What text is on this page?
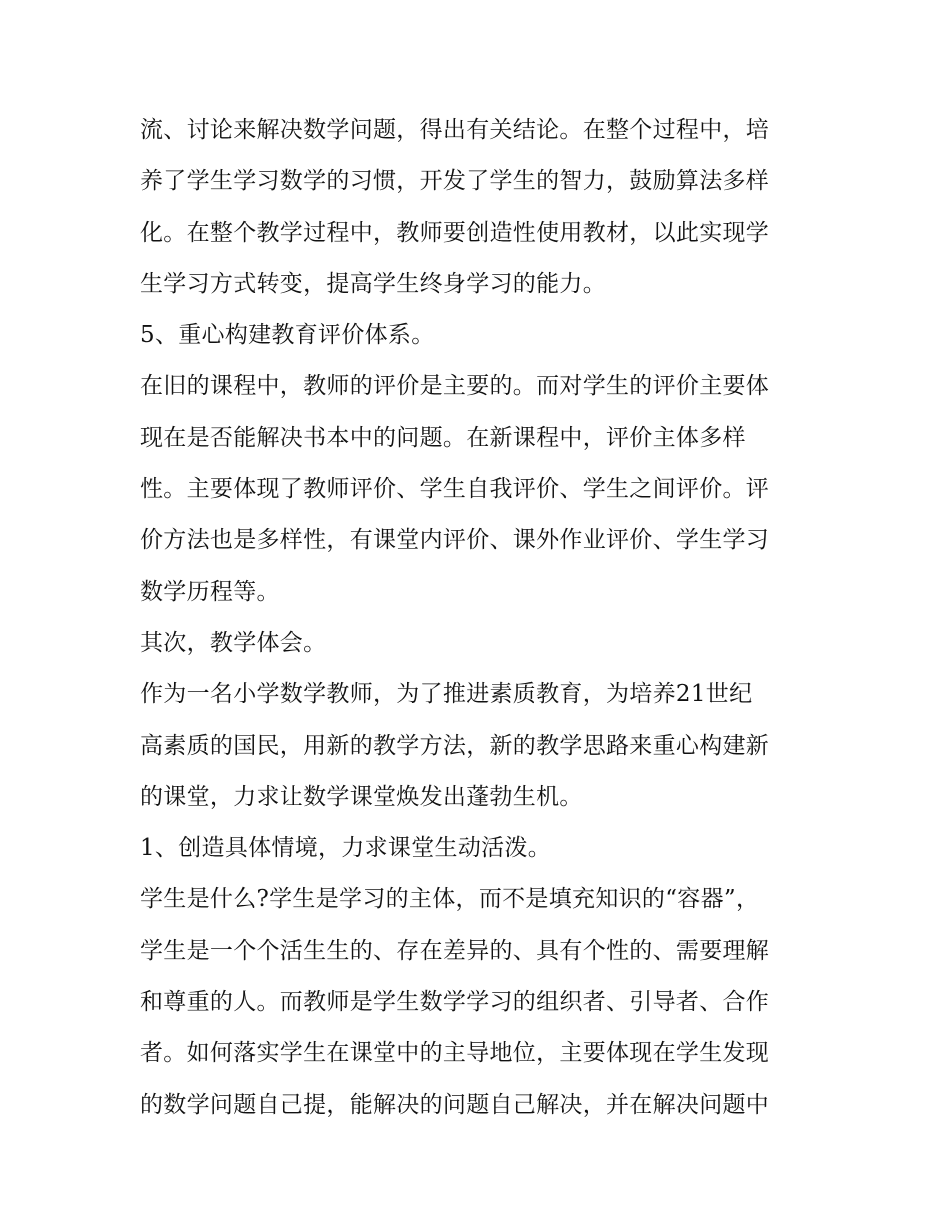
流、讨论来解决数学问题，得出有关结论。在整个过程中，培
养了学生学习数学的习惯，开发了学生的智力，鼓励算法多样
化。在整个教学过程中，教师要创造性使用教材，以此实现学
生学习方式转变，提高学生终身学习的能力。
5、重心构建教育评价体系。
在旧的课程中，教师的评价是主要的。而对学生的评价主要体
现在是否能解决书本中的问题。在新课程中，评价主体多样
性。主要体现了教师评价、学生自我评价、学生之间评价。评
价方法也是多样性，有课堂内评价、课外作业评价、学生学习
数学历程等。
其次，教学体会。
作为一名小学数学教师，为了推进素质教育，为培养21世纪
高素质的国民，用新的教学方法，新的教学思路来重心构建新
的课堂，力求让数学课堂焕发出蓬勃生机。
1、创造具体情境，力求课堂生动活泼。
学生是什么?学生是学习的主体，而不是填充知识的“容器”，
学生是一个个活生生的、存在差异的、具有个性的、需要理解
和尊重的人。而教师是学生数学学习的组织者、引导者、合作
者。如何落实学生在课堂中的主导地位，主要体现在学生发现
的数学问题自己提，能解决的问题自己解决，并在解决问题中
